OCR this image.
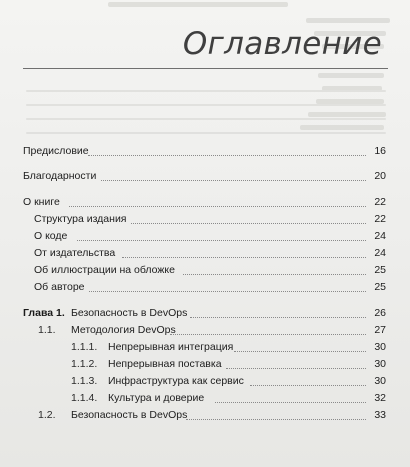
Оглавление
Предисловие	16
Благодарности	20
О книге	22
Структура издания	22
О коде	24
От издательства	24
Об иллюстрации на обложке	25
Об авторе	25
Глава 1. Безопасность в DevOps	26
1.1. Методология DevOps	27
1.1.1. Непрерывная интеграция	30
1.1.2. Непрерывная поставка	30
1.1.3. Инфраструктура как сервис	30
1.1.4. Культура и доверие	32
1.2. Безопасность в DevOps	33
